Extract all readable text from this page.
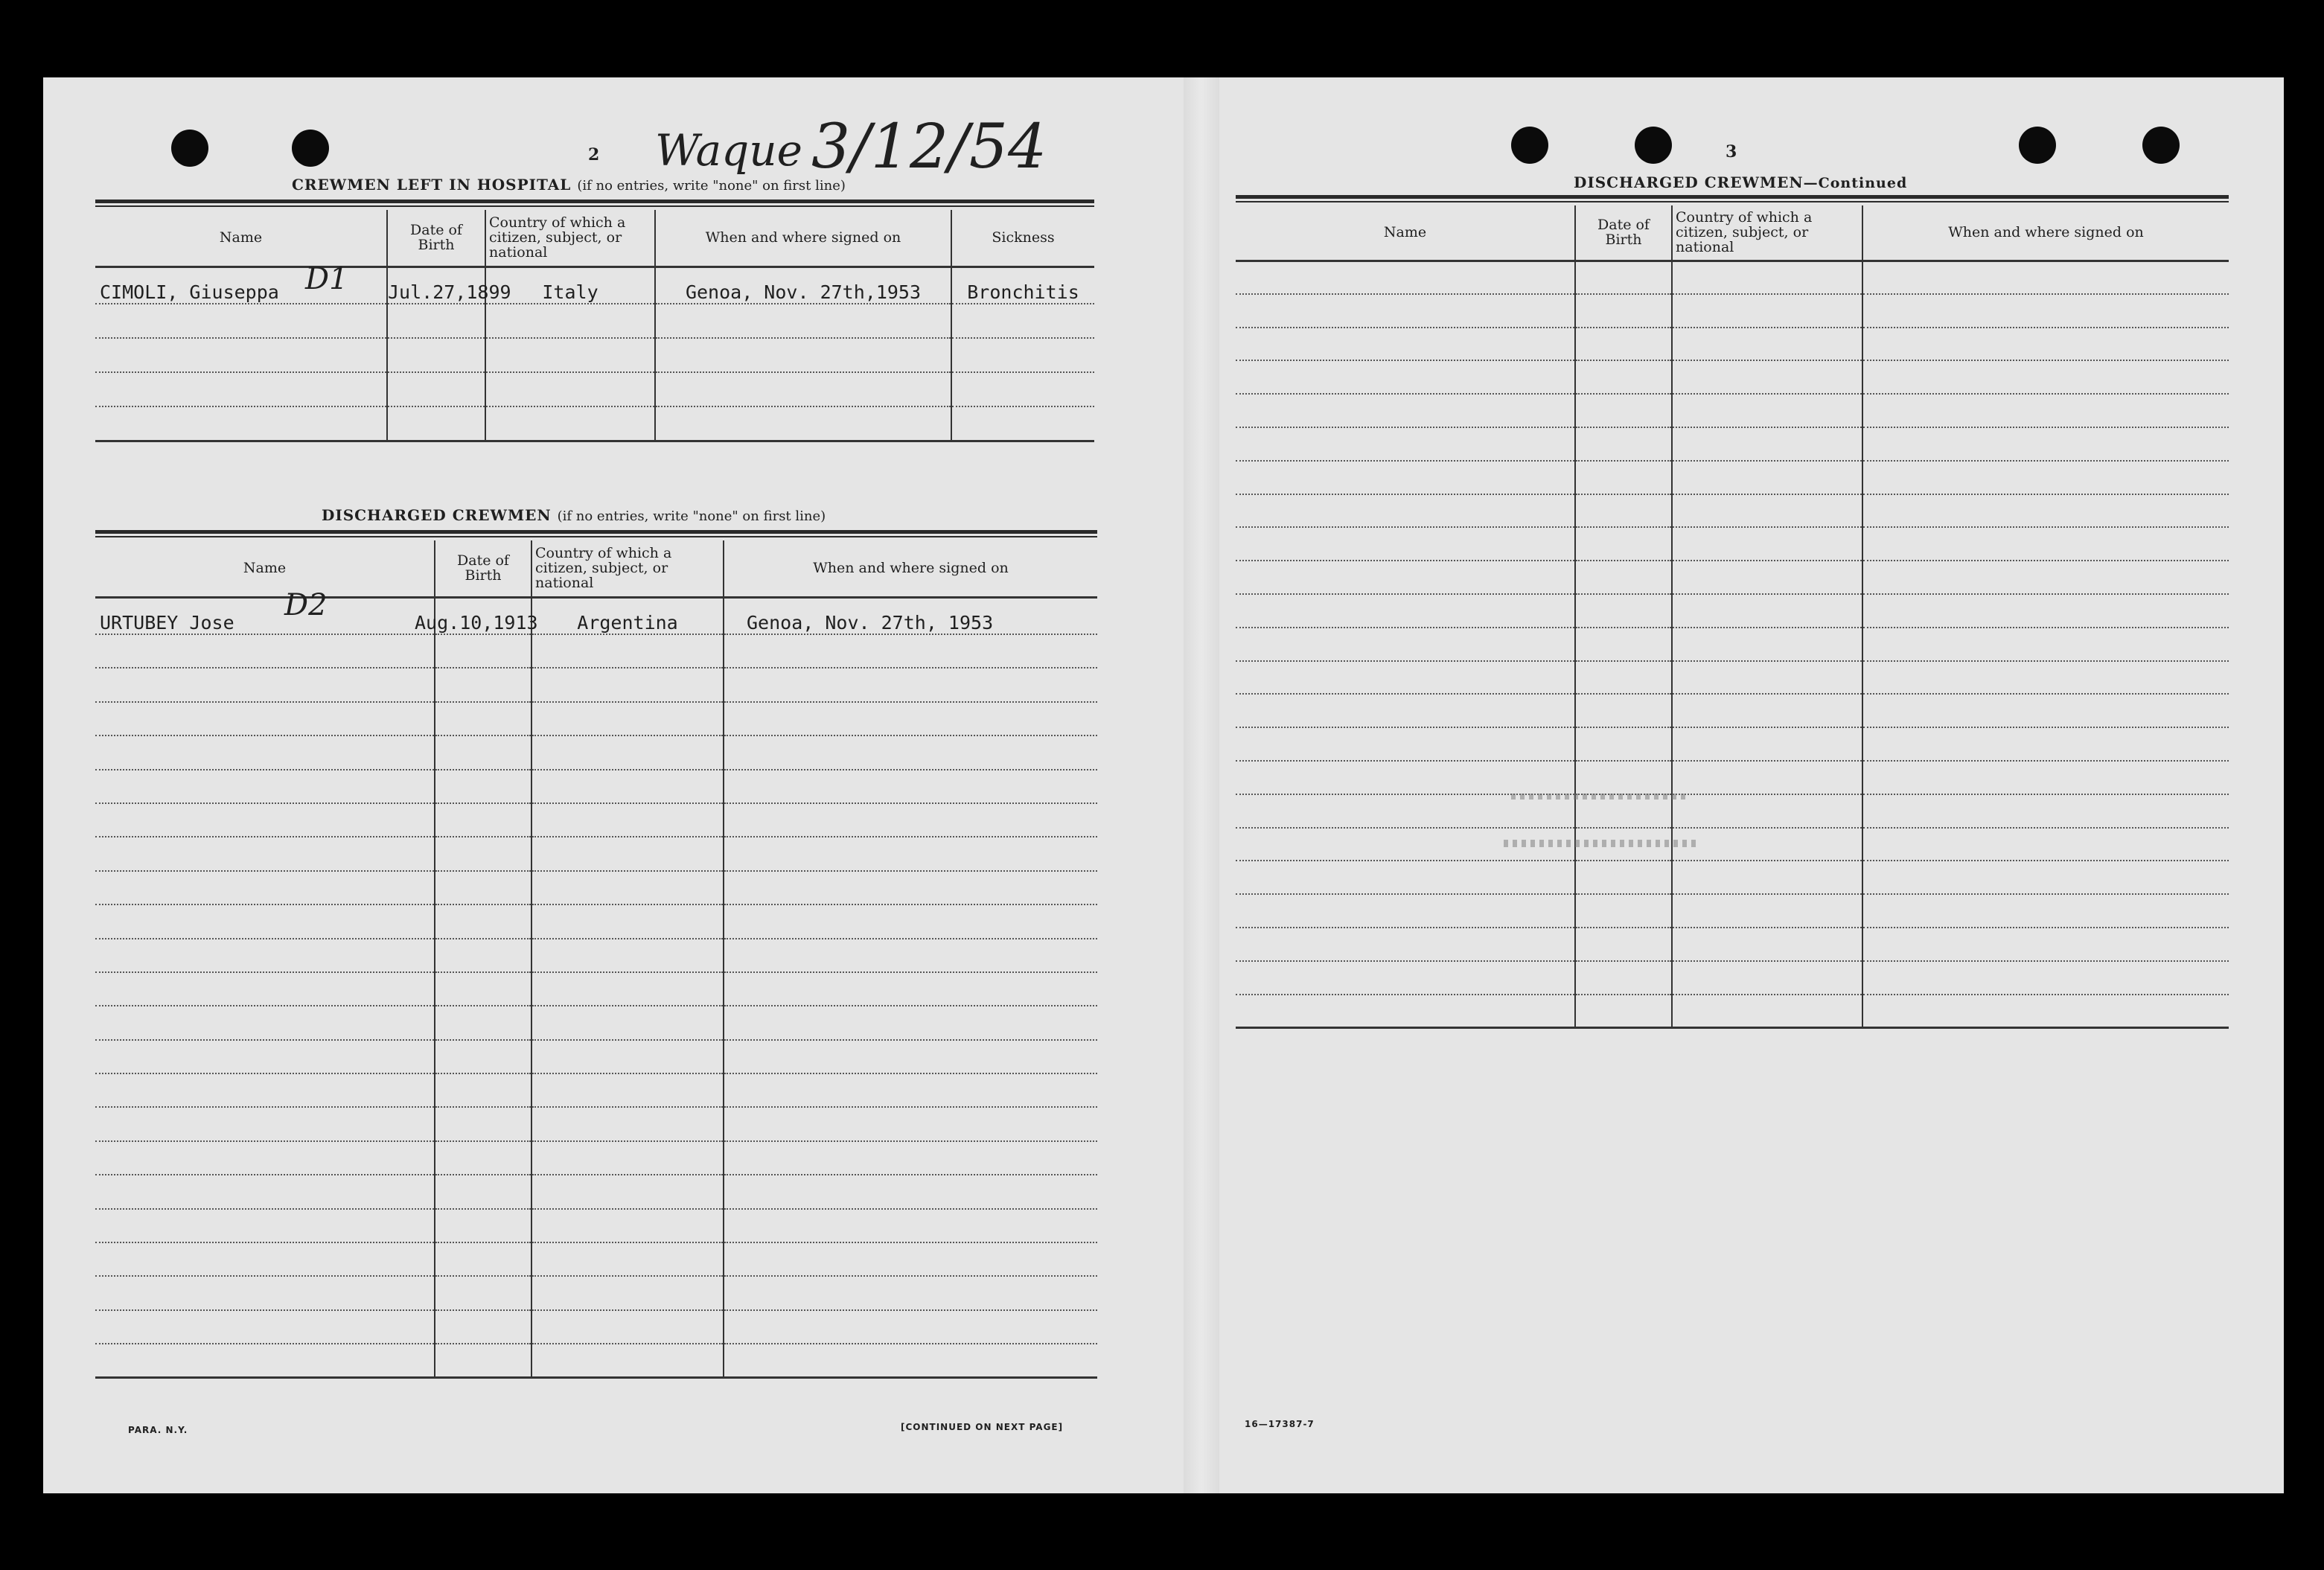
2 Waque 3/12/54
CREWMEN LEFT IN HOSPITAL (if no entries, write "none" on first line)
Name	Date of Birth	Country of which a citizen, subject, or national	When and where signed on	Sickness
CIMOLI, Giuseppa	Jul.27,1899	Italy	Genoa, Nov. 27th,1953	Bronchitis

D1
DISCHARGED CREWMEN (if no entries, write "none" on first line)
Name	Date of Birth	Country of which a citizen, subject, or national	When and where signed on
URTUBEY Jose	Aug.10,1913	Argentina	Genoa, Nov. 27th, 1953

D2
PARA. N.Y.	[CONTINUED ON NEXT PAGE]
3
DISCHARGED CREWMEN—Continued
Name	Date of Birth	Country of which a citizen, subject, or national	When and where signed on

16—17387-7
